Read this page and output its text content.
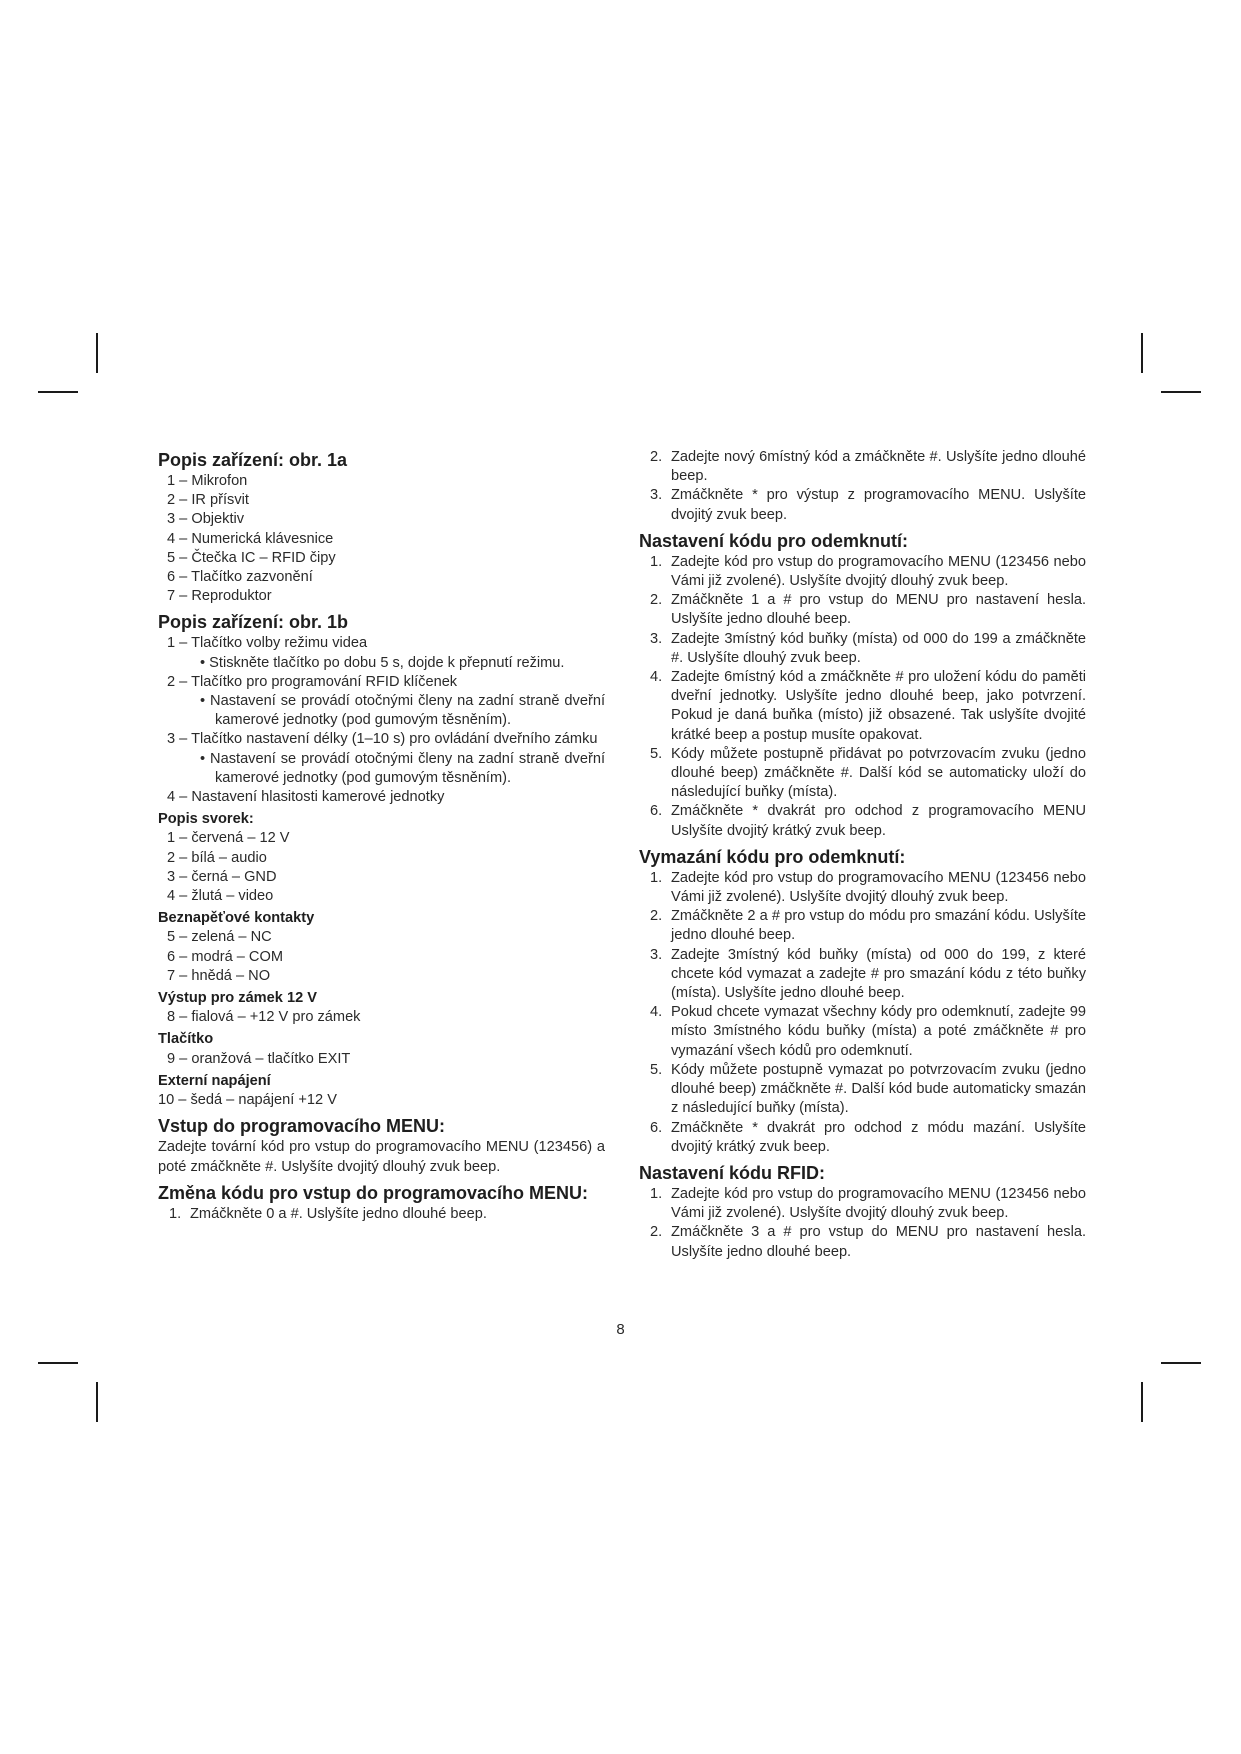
Popis zařízení: obr. 1a
1 – Mikrofon
2 – IR přísvit
3 – Objektiv
4 – Numerická klávesnice
5 – Čtečka IC – RFID čipy
6 – Tlačítko zazvonění
7 – Reproduktor
Popis zařízení: obr. 1b
1 – Tlačítko volby režimu videa
• Stiskněte tlačítko po dobu 5 s, dojde k přepnutí režimu.
2 – Tlačítko pro programování RFID klíčenek
• Nastavení se provádí otočnými členy na zadní straně dveřní kamerové jednotky (pod gumovým těsněním).
3 – Tlačítko nastavení délky (1–10 s) pro ovládání dveřního zámku
• Nastavení se provádí otočnými členy na zadní straně dveřní kamerové jednotky (pod gumovým těsněním).
4 – Nastavení hlasitosti kamerové jednotky
Popis svorek:
1 – červená – 12 V
2 – bílá – audio
3 – černá – GND
4 – žlutá – video
Beznapěťové kontakty
5 – zelená – NC
6 – modrá – COM
7 – hnědá – NO
Výstup pro zámek 12 V
8 – fialová – +12 V pro zámek
Tlačítko
9 – oranžová – tlačítko EXIT
Externí napájení
10 – šedá – napájení +12 V
Vstup do programovacího MENU:
Zadejte tovární kód pro vstup do programovacího MENU (123456) a poté zmáčkněte #. Uslyšíte dvojitý dlouhý zvuk beep.
Změna kódu pro vstup do programovacího MENU:
1. Zmáčkněte 0 a #. Uslyšíte jedno dlouhé beep.
2. Zadejte nový 6místný kód a zmáčkněte #. Uslyšíte jedno dlouhé beep.
3. Zmáčkněte * pro výstup z programovacího MENU. Uslyšíte dvojitý zvuk beep.
Nastavení kódu pro odemknutí:
1. Zadejte kód pro vstup do programovacího MENU (123456 nebo Vámi již zvolené). Uslyšíte dvojitý dlouhý zvuk beep.
2. Zmáčkněte 1 a # pro vstup do MENU pro nastavení hesla. Uslyšíte jedno dlouhé beep.
3. Zadejte 3místný kód buňky (místa) od 000 do 199 a zmáčkněte #. Uslyšíte dlouhý zvuk beep.
4. Zadejte 6místný kód a zmáčkněte # pro uložení kódu do paměti dveřní jednotky. Uslyšíte jedno dlouhé beep, jako potvrzení. Pokud je daná buňka (místo) již obsazené. Tak uslyšíte dvojité krátké beep a postup musíte opakovat.
5. Kódy můžete postupně přidávat po potvrzovacím zvuku (jedno dlouhé beep) zmáčkněte #. Další kód se automaticky uloží do následující buňky (místa).
6. Zmáčkněte * dvakrát pro odchod z programovacího MENU Uslyšíte dvojitý krátký zvuk beep.
Vymazání kódu pro odemknutí:
1. Zadejte kód pro vstup do programovacího MENU (123456 nebo Vámi již zvolené). Uslyšíte dvojitý dlouhý zvuk beep.
2. Zmáčkněte 2 a # pro vstup do módu pro smazání kódu. Uslyšíte jedno dlouhé beep.
3. Zadejte 3místný kód buňky (místa) od 000 do 199, z které chcete kód vymazat a zadejte # pro smazání kódu z této buňky (místa). Uslyšíte jedno dlouhé beep.
4. Pokud chcete vymazat všechny kódy pro odemknutí, zadejte 99 místo 3místného kódu buňky (místa) a poté zmáčkněte # pro vymazání všech kódů pro odemknutí.
5. Kódy můžete postupně vymazat po potvrzovacím zvuku (jedno dlouhé beep) zmáčkněte #. Další kód bude automaticky smazán z následující buňky (místa).
6. Zmáčkněte * dvakrát pro odchod z módu mazání. Uslyšíte dvojitý krátký zvuk beep.
Nastavení kódu RFID:
1. Zadejte kód pro vstup do programovacího MENU (123456 nebo Vámi již zvolené). Uslyšíte dvojitý dlouhý zvuk beep.
2. Zmáčkněte 3 a # pro vstup do MENU pro nastavení hesla. Uslyšíte jedno dlouhé beep.
8
